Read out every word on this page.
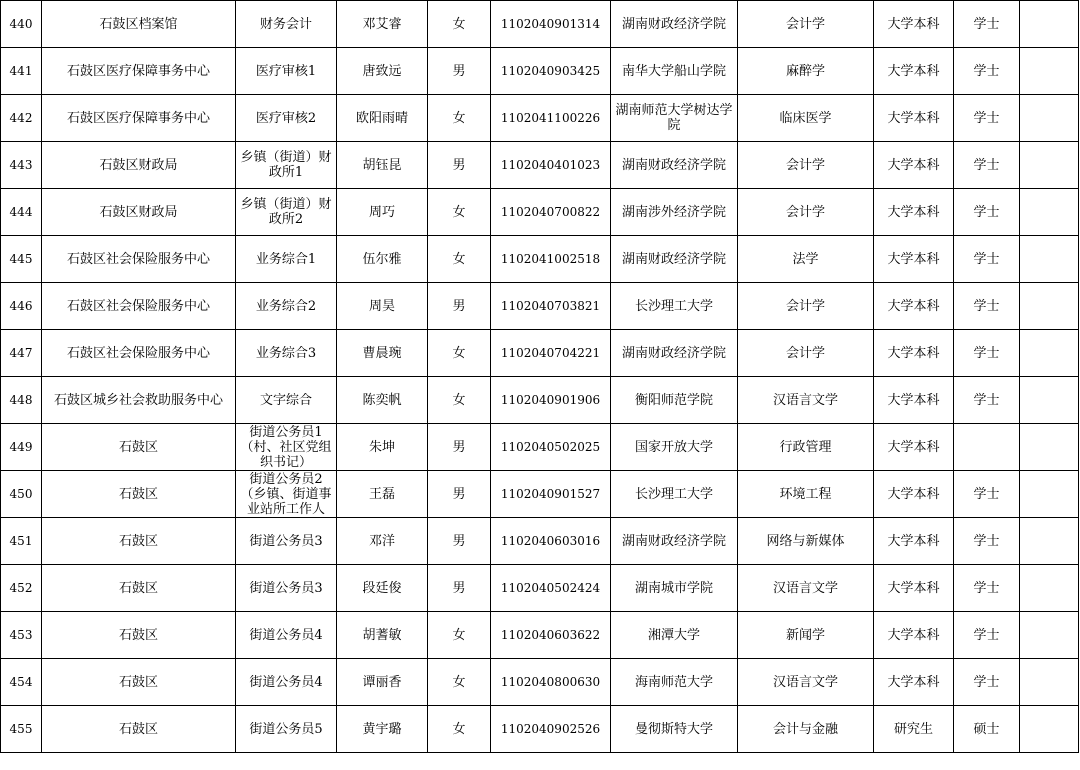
440	石鼓区档案馆	财务会计	邓艾睿	女	1102040901314	湖南财政经济学院	会计学	大学本科	学士	
441	石鼓区医疗保障事务中心	医疗审核1	唐致远	男	1102040903425	南华大学船山学院	麻醉学	大学本科	学士	
442	石鼓区医疗保障事务中心	医疗审核2	欧阳雨晴	女	1102041100226	湖南师范大学树达学院	临床医学	大学本科	学士	
443	石鼓区财政局	乡镇（街道）财政所1	胡钰昆	男	1102040401023	湖南财政经济学院	会计学	大学本科	学士	
444	石鼓区财政局	乡镇（街道）财政所2	周巧	女	1102040700822	湖南涉外经济学院	会计学	大学本科	学士	
445	石鼓区社会保险服务中心	业务综合1	伍尔雅	女	1102041002518	湖南财政经济学院	法学	大学本科	学士	
446	石鼓区社会保险服务中心	业务综合2	周昊	男	1102040703821	长沙理工大学	会计学	大学本科	学士	
447	石鼓区社会保险服务中心	业务综合3	曹晨琬	女	1102040704221	湖南财政经济学院	会计学	大学本科	学士	
448	石鼓区城乡社会救助服务中心	文字综合	陈奕帆	女	1102040901906	衡阳师范学院	汉语言文学	大学本科	学士	
449	石鼓区	街道公务员1（村、社区党组织书记）	朱坤	男	1102040502025	国家开放大学	行政管理	大学本科		
450	石鼓区	街道公务员2（乡镇、街道事业站所工作人	王磊	男	1102040901527	长沙理工大学	环境工程	大学本科	学士	
451	石鼓区	街道公务员3	邓洋	男	1102040603016	湖南财政经济学院	网络与新媒体	大学本科	学士	
452	石鼓区	街道公务员3	段廷俊	男	1102040502424	湖南城市学院	汉语言文学	大学本科	学士	
453	石鼓区	街道公务员4	胡蓍敏	女	1102040603622	湘潭大学	新闻学	大学本科	学士	
454	石鼓区	街道公务员4	谭丽香	女	1102040800630	海南师范大学	汉语言文学	大学本科	学士	
455	石鼓区	街道公务员5	黄宇璐	女	1102040902526	曼彻斯特大学	会计与金融	研究生	硕士	
